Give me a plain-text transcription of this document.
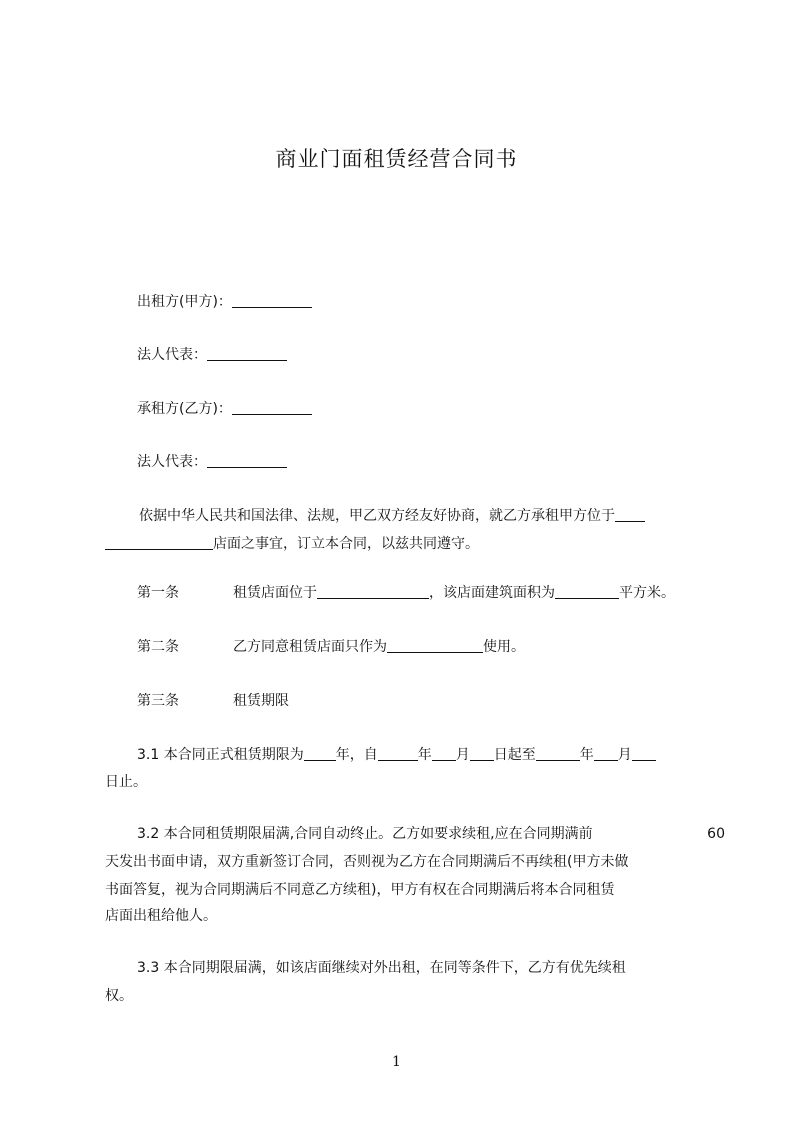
商业门面租赁经营合同书
出租方(甲方)：
法人代表：
承租方(乙方)：
法人代表：
依据中华人民共和国法律、法规，甲乙双方经友好协商，就乙方承租甲方位于
店面之事宜，订立本合同，以兹共同遵守。
第一条	租赁店面位于	，该店面建筑面积为	平方米。
第二条	乙方同意租赁店面只作为	使用。
第三条	租赁期限
3.1 本合同正式租赁期限为 年，自	年 月 日起至	年 月
日止。
3.2 本合同租赁期限届满,合同自动终止。乙方如要求续租,应在合同期满前	60
天发出书面申请，双方重新签订合同，否则视为乙方在合同期满后不再续租(甲方未做
书面答复，视为合同期满后不同意乙方续租)，甲方有权在合同期满后将本合同租赁
店面出租给他人。
3.3 本合同期限届满，如该店面继续对外出租，在同等条件下，乙方有优先续租
权。
1
